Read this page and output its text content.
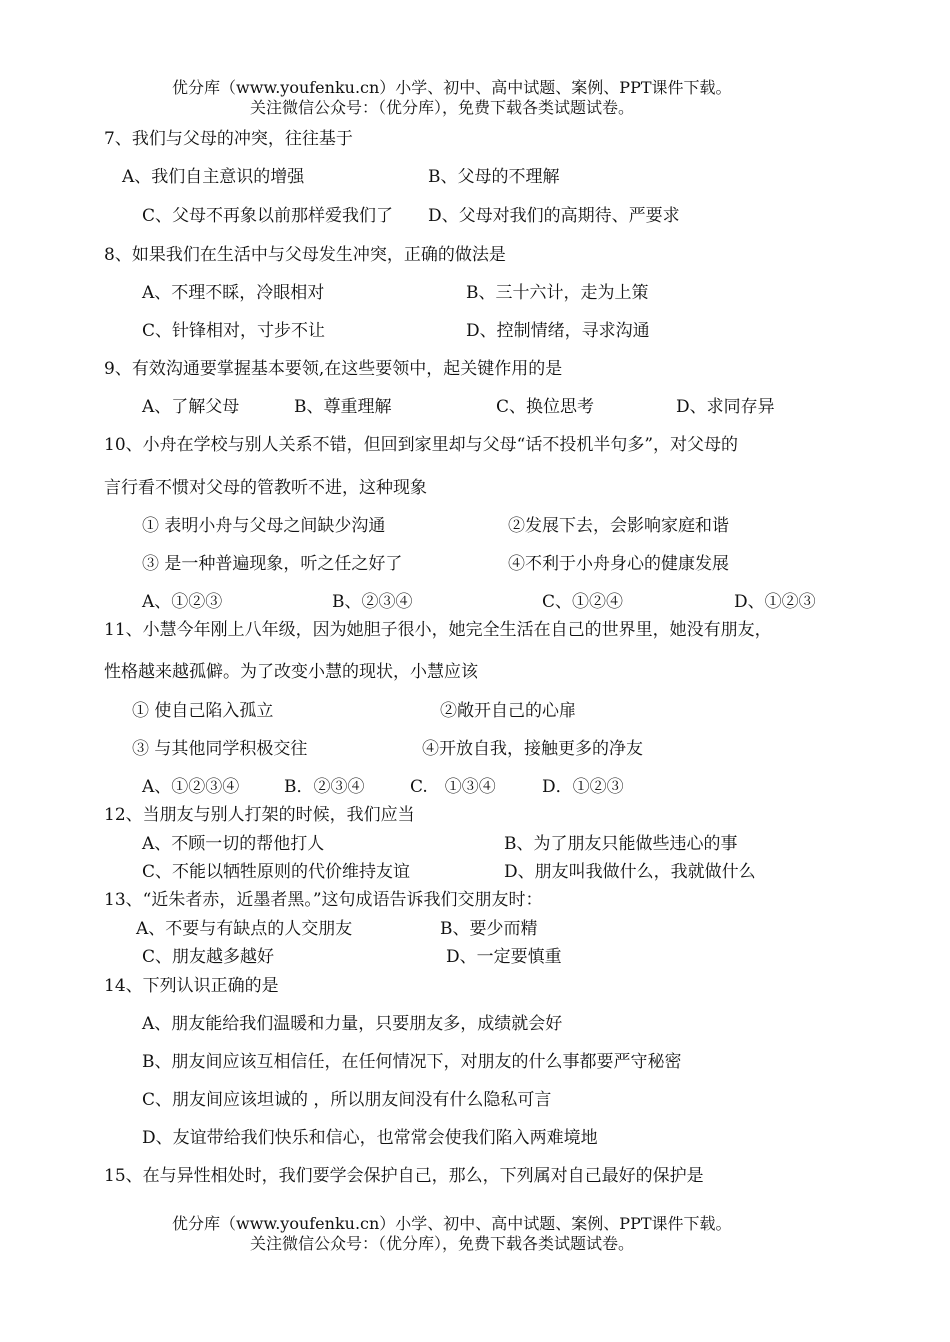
优分库（www.youfenku.cn）小学、初中、高中试题、案例、PPT课件下载。
关注微信公众号：（优分库），免费下载各类试题试卷。
7、我们与父母的冲突，往往基于
A、我们自主意识的增强	B、父母的不理解
C、父母不再象以前那样爱我们了 D、父母对我们的高期待、严要求
8、如果我们在生活中与父母发生冲突，正确的做法是
A、不理不睬，冷眼相对	B、三十六计，走为上策
C、针锋相对，寸步不让	D、控制情绪，寻求沟通
9、有效沟通要掌握基本要领,在这些要领中，起关键作用的是
A、了解父母	B、尊重理解	C、换位思考	D、求同存异
10、小舟在学校与别人关系不错，但回到家里却与父母“话不投机半句多”，对父母的
言行看不惯对父母的管教听不进，这种现象
① 表明小舟与父母之间缺少沟通	②发展下去，会影响家庭和谐
③ 是一种普遍现象，听之任之好了	④不利于小舟身心的健康发展
A、①②③	B、②③④	C、①②④	D、①②③
11、小慧今年刚上八年级，因为她胆子很小，她完全生活在自己的世界里，她没有朋友，
性格越来越孤僻。为了改变小慧的现状，小慧应该
① 使自己陷入孤立	②敞开自己的心扉
③ 与其他同学积极交往	④开放自我，接触更多的净友
A、①②③④	B．②③④	C.　①③④	D．①②③
12、当朋友与别人打架的时候，我们应当
A、不顾一切的帮他打人	B、为了朋友只能做些违心的事
C、不能以牺牲原则的代价维持友谊	D、朋友叫我做什么，我就做什么
13、“近朱者赤，近墨者黑。”这句成语告诉我们交朋友时：
A、不要与有缺点的人交朋友	B、要少而精
C、朋友越多越好	D、一定要慎重
14、下列认识正确的是
A、朋友能给我们温暖和力量，只要朋友多，成绩就会好
B、朋友间应该互相信任，在任何情况下，对朋友的什么事都要严守秘密
C、朋友间应该坦诚的 ，所以朋友间没有什么隐私可言
D、友谊带给我们快乐和信心，也常常会使我们陷入两难境地
15、在与异性相处时，我们要学会保护自己，那么，下列属对自己最好的保护是
优分库（www.youfenku.cn）小学、初中、高中试题、案例、PPT课件下载。
关注微信公众号：（优分库），免费下载各类试题试卷。
